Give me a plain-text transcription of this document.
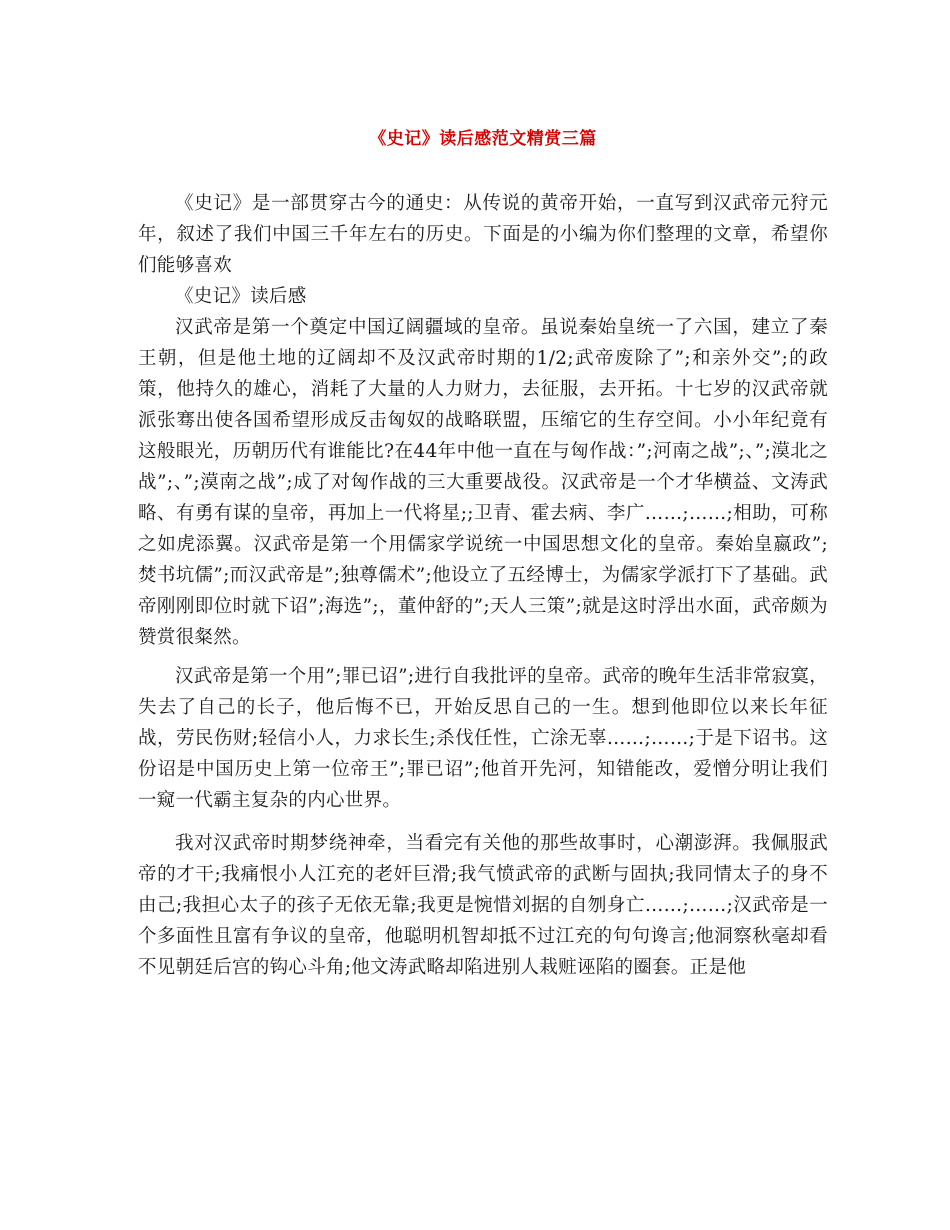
《史记》读后感范文精赏三篇

《史记》是一部贯穿古今的通史：从传说的黄帝开始，一直写到汉武帝元狩元年，叙述了我们中国三千年左右的历史。下面是的小编为你们整理的文章，希望你们能够喜欢

《史记》读后感

汉武帝是第一个奠定中国辽阔疆域的皇帝。虽说秦始皇统一了六国，建立了秦王朝，但是他土地的辽阔却不及汉武帝时期的1/2;武帝废除了”;和亲外交”;的政策，他持久的雄心，消耗了大量的人力财力，去征服，去开拓。十七岁的汉武帝就派张骞出使各国希望形成反击匈奴的战略联盟，压缩它的生存空间。小小年纪竟有这般眼光，历朝历代有谁能比?在44年中他一直在与匈作战：”;河南之战”;、”;漠北之战”;、”;漠南之战”;成了对匈作战的三大重要战役。汉武帝是一个才华横益、文涛武略、有勇有谋的皇帝，再加上一代将星;;卫青、霍去病、李广……;……;相助，可称之如虎添翼。汉武帝是第一个用儒家学说统一中国思想文化的皇帝。秦始皇嬴政”;焚书坑儒”;而汉武帝是”;独尊儒术”;他设立了五经博士，为儒家学派打下了基础。武帝刚刚即位时就下诏”;海选”;，董仲舒的”;天人三策”;就是这时浮出水面，武帝颇为赞赏很粲然。

汉武帝是第一个用”;罪已诏”;进行自我批评的皇帝。武帝的晚年生活非常寂寞，失去了自己的长子，他后悔不已，开始反思自己的一生。想到他即位以来长年征战，劳民伤财;轻信小人，力求长生;杀伐任性，亡涂无辜……;……;于是下诏书。这份诏是中国历史上第一位帝王”;罪已诏”;他首开先河，知错能改，爱憎分明让我们一窥一代霸主复杂的内心世界。

我对汉武帝时期梦绕神牵，当看完有关他的那些故事时，心潮澎湃。我佩服武帝的才干;我痛恨小人江充的老奸巨滑;我气愤武帝的武断与固执;我同情太子的身不由己;我担心太子的孩子无依无靠;我更是惋惜刘据的自刎身亡……;……;汉武帝是一个多面性且富有争议的皇帝，他聪明机智却抵不过江充的句句谗言;他洞察秋毫却看不见朝廷后宫的钩心斗角;他文涛武略却陷进别人栽赃诬陷的圈套。正是他
